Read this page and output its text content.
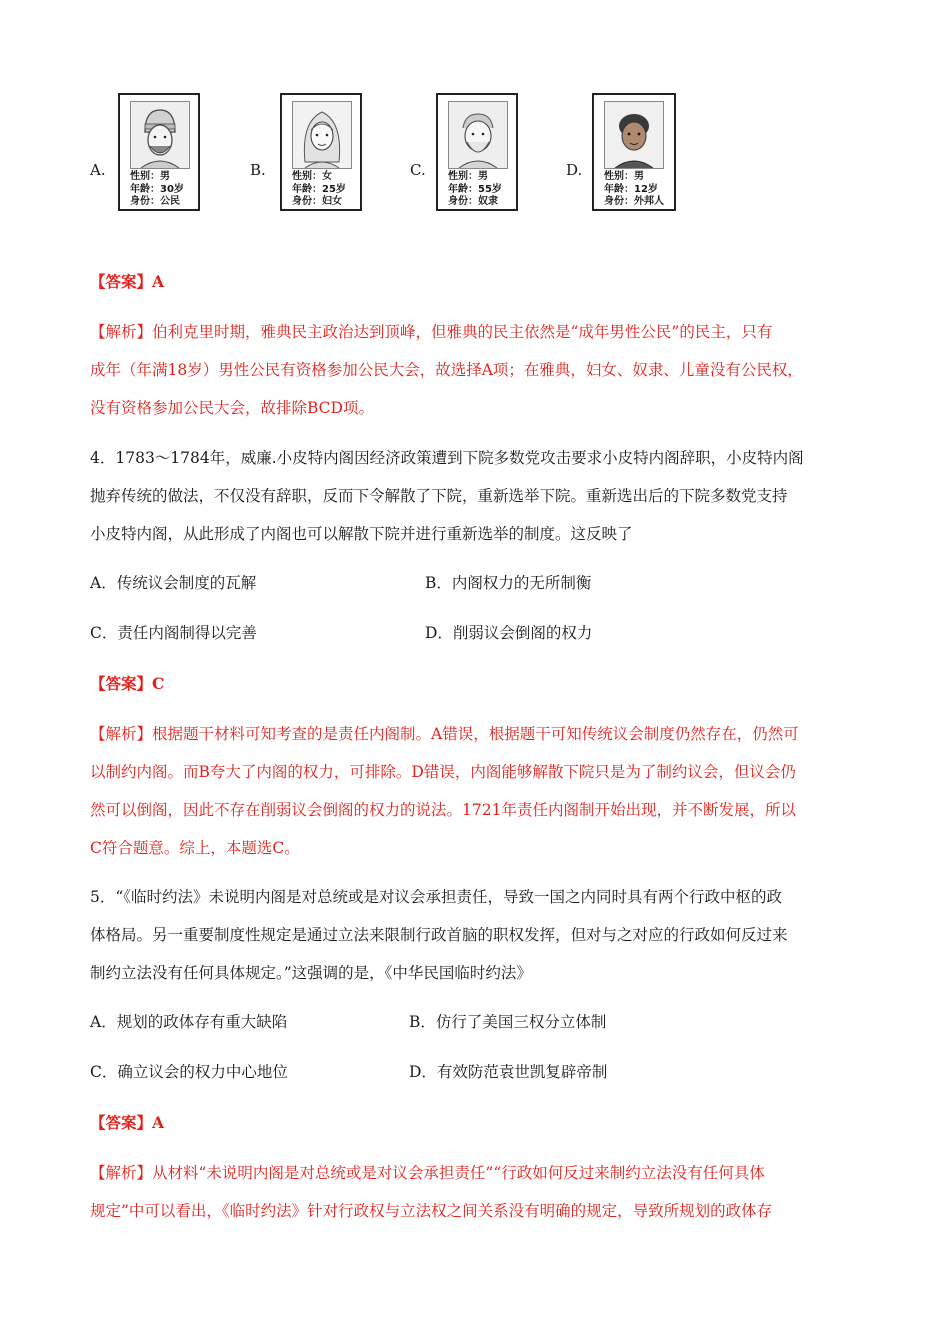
A. 性别：男
年龄：30岁
身份：公民
B.	性别：女
年龄：25岁
身份：妇女
C. 性别：男
年龄：55岁
身份：奴隶
D. 性别：男
年龄：12岁
身份：外邦人
【答案】A
【解析】伯利克里时期，雅典民主政治达到顶峰，但雅典的民主依然是“成年男性公民”的民主，只有
成年（年满18岁）男性公民有资格参加公民大会，故选择A项；在雅典，妇女、奴隶、儿童没有公民权，
没有资格参加公民大会，故排除BCD项。
4．1783～1784年，威廉.小皮特内阁因经济政策遭到下院多数党攻击要求小皮特内阁辞职，小皮特内阁
抛弃传统的做法，不仅没有辞职，反而下令解散了下院，重新选举下院。重新选出后的下院多数党支持
小皮特内阁，从此形成了内阁也可以解散下院并进行重新选举的制度。这反映了
A．传统议会制度的瓦解	B．内阁权力的无所制衡
C．责任内阁制得以完善	D．削弱议会倒阁的权力
【答案】C
【解析】根据题干材料可知考查的是责任内阁制。A错误，根据题干可知传统议会制度仍然存在，仍然可
以制约内阁。而B夸大了内阁的权力，可排除。D错误，内阁能够解散下院只是为了制约议会，但议会仍
然可以倒阁，因此不存在削弱议会倒阁的权力的说法。1721年责任内阁制开始出现，并不断发展，所以
C符合题意。综上，本题选C。
5．“《临时约法》未说明内阁是对总统或是对议会承担责任，导致一国之内同时具有两个行政中枢的政
体格局。另一重要制度性规定是通过立法来限制行政首脑的职权发挥，但对与之对应的行政如何反过来
制约立法没有任何具体规定。”这强调的是，《中华民国临时约法》
A．规划的政体存有重大缺陷	B．仿行了美国三权分立体制
C．确立议会的权力中心地位	D．有效防范袁世凯复辟帝制
【答案】A
【解析】从材料“未说明内阁是对总统或是对议会承担责任”“行政如何反过来制约立法没有任何具体
规定”中可以看出，《临时约法》针对行政权与立法权之间关系没有明确的规定，导致所规划的政体存
